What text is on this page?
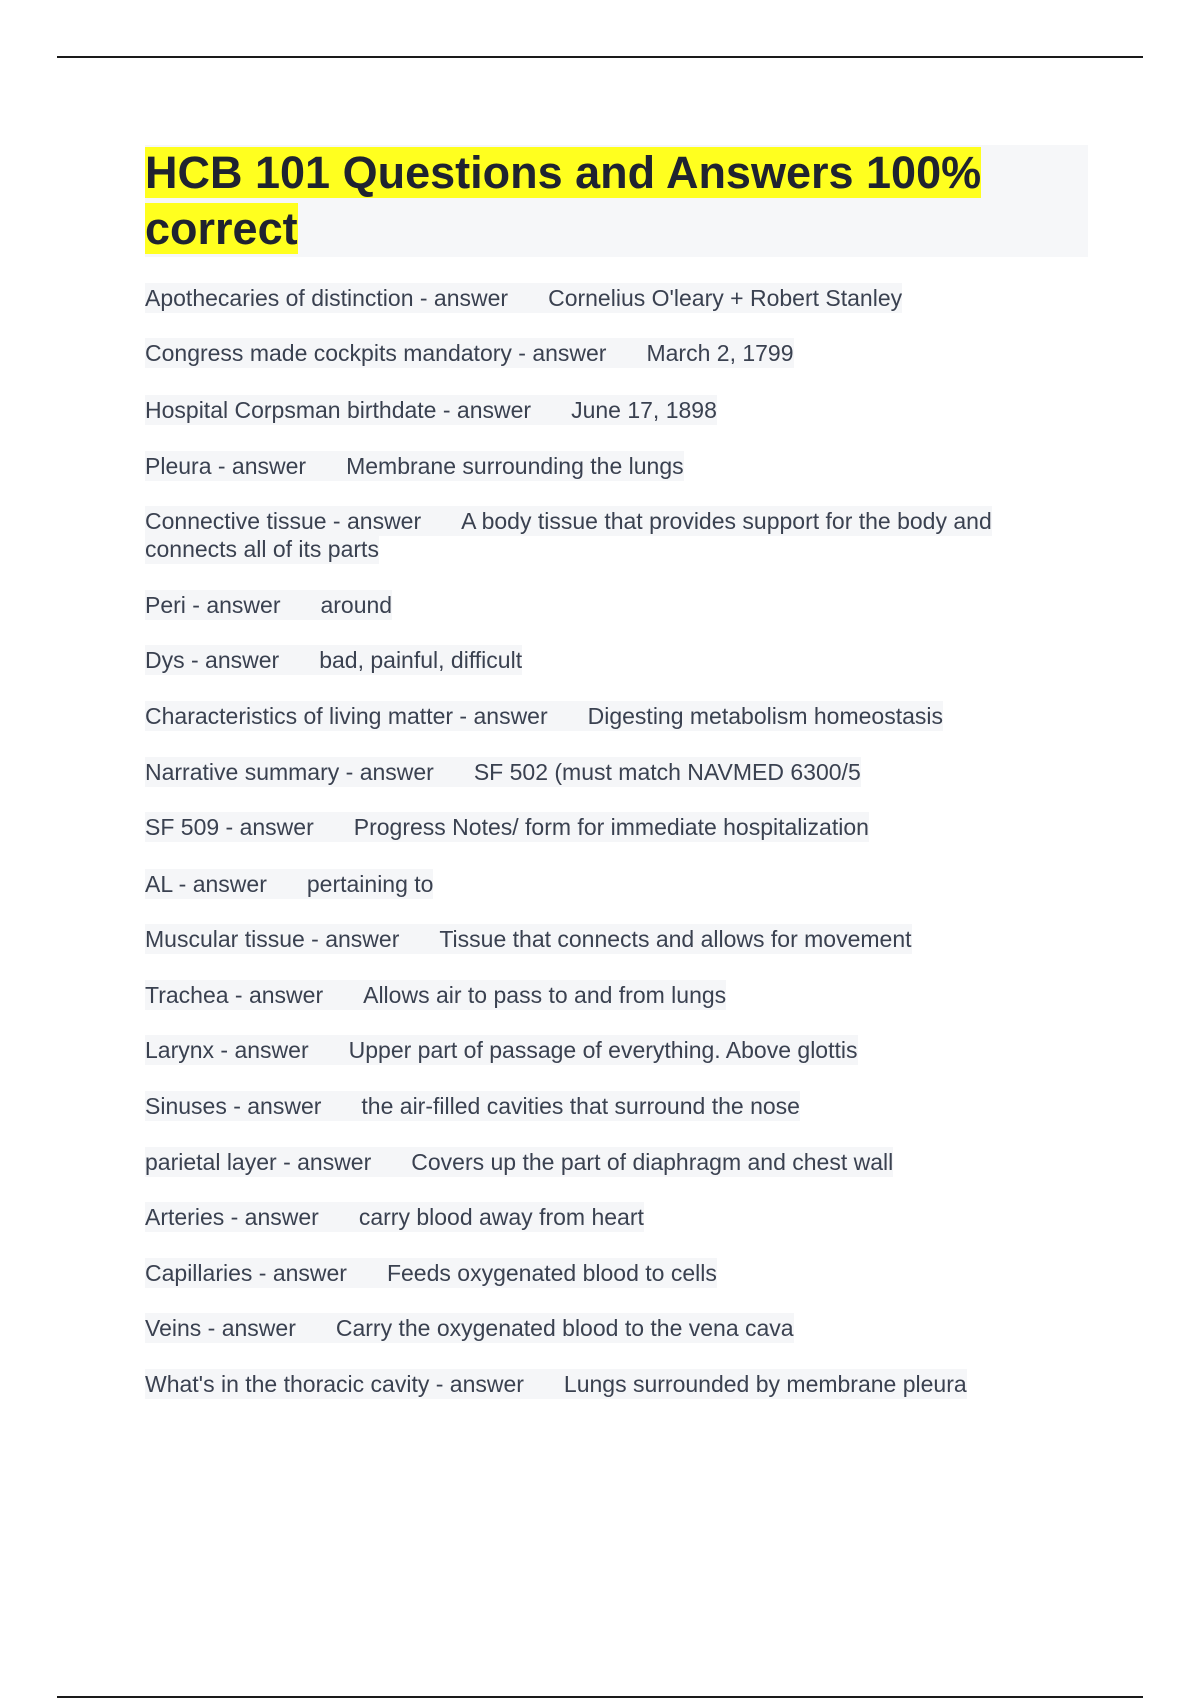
HCB 101 Questions and Answers 100%
correct
Apothecaries of distinction - answer Cornelius O'leary + Robert Stanley
Congress made cockpits mandatory - answer March 2, 1799
Hospital Corpsman birthdate - answer June 17, 1898
Pleura - answer Membrane surrounding the lungs
Connective tissue - answer A body tissue that provides support for the body and connects all of its parts
Peri - answer around
Dys - answer bad, painful, difficult
Characteristics of living matter - answer Digesting metabolism homeostasis
Narrative summary - answer SF 502 (must match NAVMED 6300/5
SF 509 - answer Progress Notes/ form for immediate hospitalization
AL - answer pertaining to
Muscular tissue - answer Tissue that connects and allows for movement
Trachea - answer Allows air to pass to and from lungs
Larynx - answer Upper part of passage of everything. Above glottis
Sinuses - answer the air-filled cavities that surround the nose
parietal layer - answer Covers up the part of diaphragm and chest wall
Arteries - answer carry blood away from heart
Capillaries - answer Feeds oxygenated blood to cells
Veins - answer Carry the oxygenated blood to the vena cava
What's in the thoracic cavity - answer Lungs surrounded by membrane pleura
